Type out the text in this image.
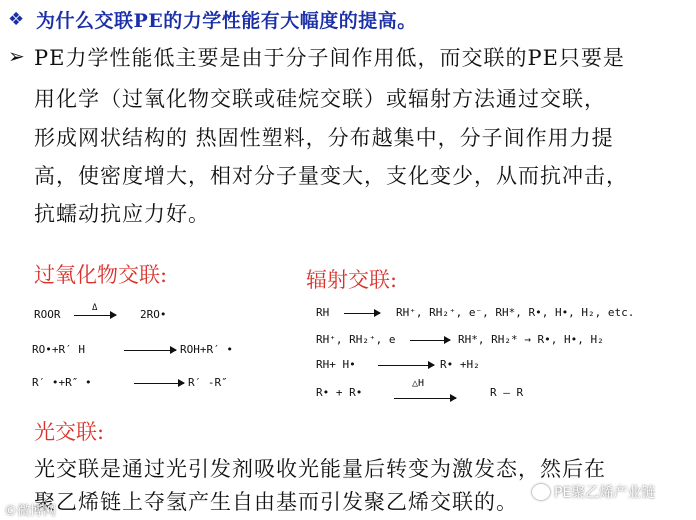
❖ 为什么交联PE的力学性能有大幅度的提高。
➢ PE力学性能低主要是由于分子间作用低，而交联的PE只要是
用化学（过氧化物交联或硅烷交联）或辐射方法通过交联，
形成网状结构的 热固性塑料，分布越集中，分子间作用力提
高，使密度增大，相对分子量变大，支化变少，从而抗冲击，
抗蠕动抗应力好。
过氧化物交联:
ROOR	Δ → 2RO•
RO•+R′ H → ROH+R′ •
R′ •+R″ •	→ R′ -R″
辐射交联:
RH → RH⁺, RH₂⁺, e⁻, RH*, R•, H•, H₂, etc.
RH⁺, RH₂⁺, e → RH*, RH₂* → R•, H•, H₂
RH+ H• → R• +H₂
R• + R•
△H
R — R
光交联:
光交联是通过光引发剂吸收光能量后转变为激发态，然后在
聚乙烯链上夺氢产生自由基而引发聚乙烯交联的。
©微博网
PE聚乙烯产业链
